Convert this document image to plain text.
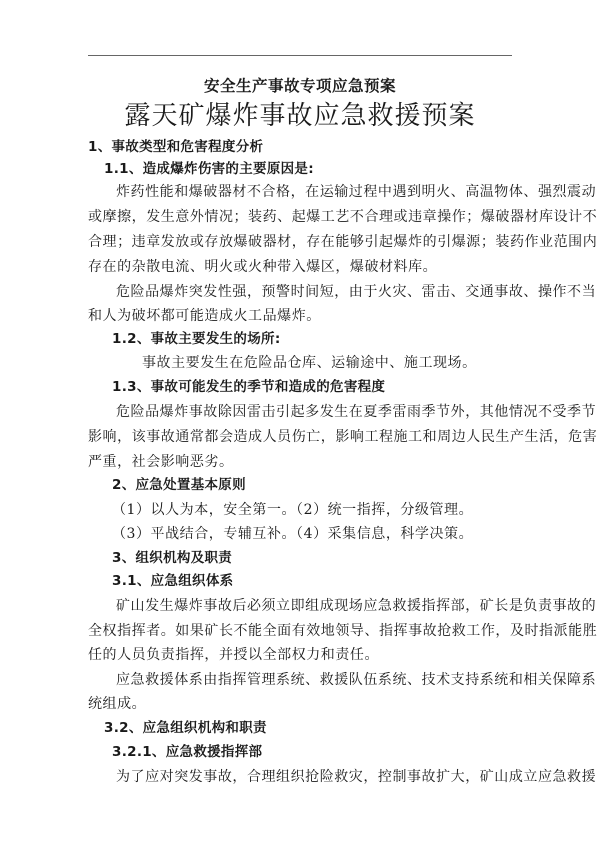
安全生产事故专项应急预案
露天矿爆炸事故应急救援预案
1、事故类型和危害程度分析
1.1、造成爆炸伤害的主要原因是:
炸药性能和爆破器材不合格，在运输过程中遇到明火、高温物体、强烈震动
或摩擦，发生意外情况；装药、起爆工艺不合理或违章操作；爆破器材库设计不
合理；违章发放或存放爆破器材，存在能够引起爆炸的引爆源；装药作业范围内
存在的杂散电流、明火或火种带入爆区，爆破材料库。
危险品爆炸突发性强，预警时间短，由于火灾、雷击、交通事故、操作不当
和人为破坏都可能造成火工品爆炸。
1.2、事故主要发生的场所:
事故主要发生在危险品仓库、运输途中、施工现场。
1.3、事故可能发生的季节和造成的危害程度
危险品爆炸事故除因雷击引起多发生在夏季雷雨季节外，其他情况不受季节
影响，该事故通常都会造成人员伤亡，影响工程施工和周边人民生产生活，危害
严重，社会影响恶劣。
2、应急处置基本原则
（1）以人为本，安全第一。（2）统一指挥，分级管理。
（3）平战结合，专辅互补。（4）采集信息，科学决策。
3、组织机构及职责
3.1、应急组织体系
矿山发生爆炸事故后必须立即组成现场应急救援指挥部，矿长是负责事故的
全权指挥者。如果矿长不能全面有效地领导、指挥事故抢救工作，及时指派能胜
任的人员负责指挥，并授以全部权力和责任。
应急救援体系由指挥管理系统、救援队伍系统、技术支持系统和相关保障系
统组成。
3.2、应急组织机构和职责
3.2.1、应急救援指挥部
为了应对突发事故，合理组织抢险救灾，控制事故扩大，矿山成立应急救援
